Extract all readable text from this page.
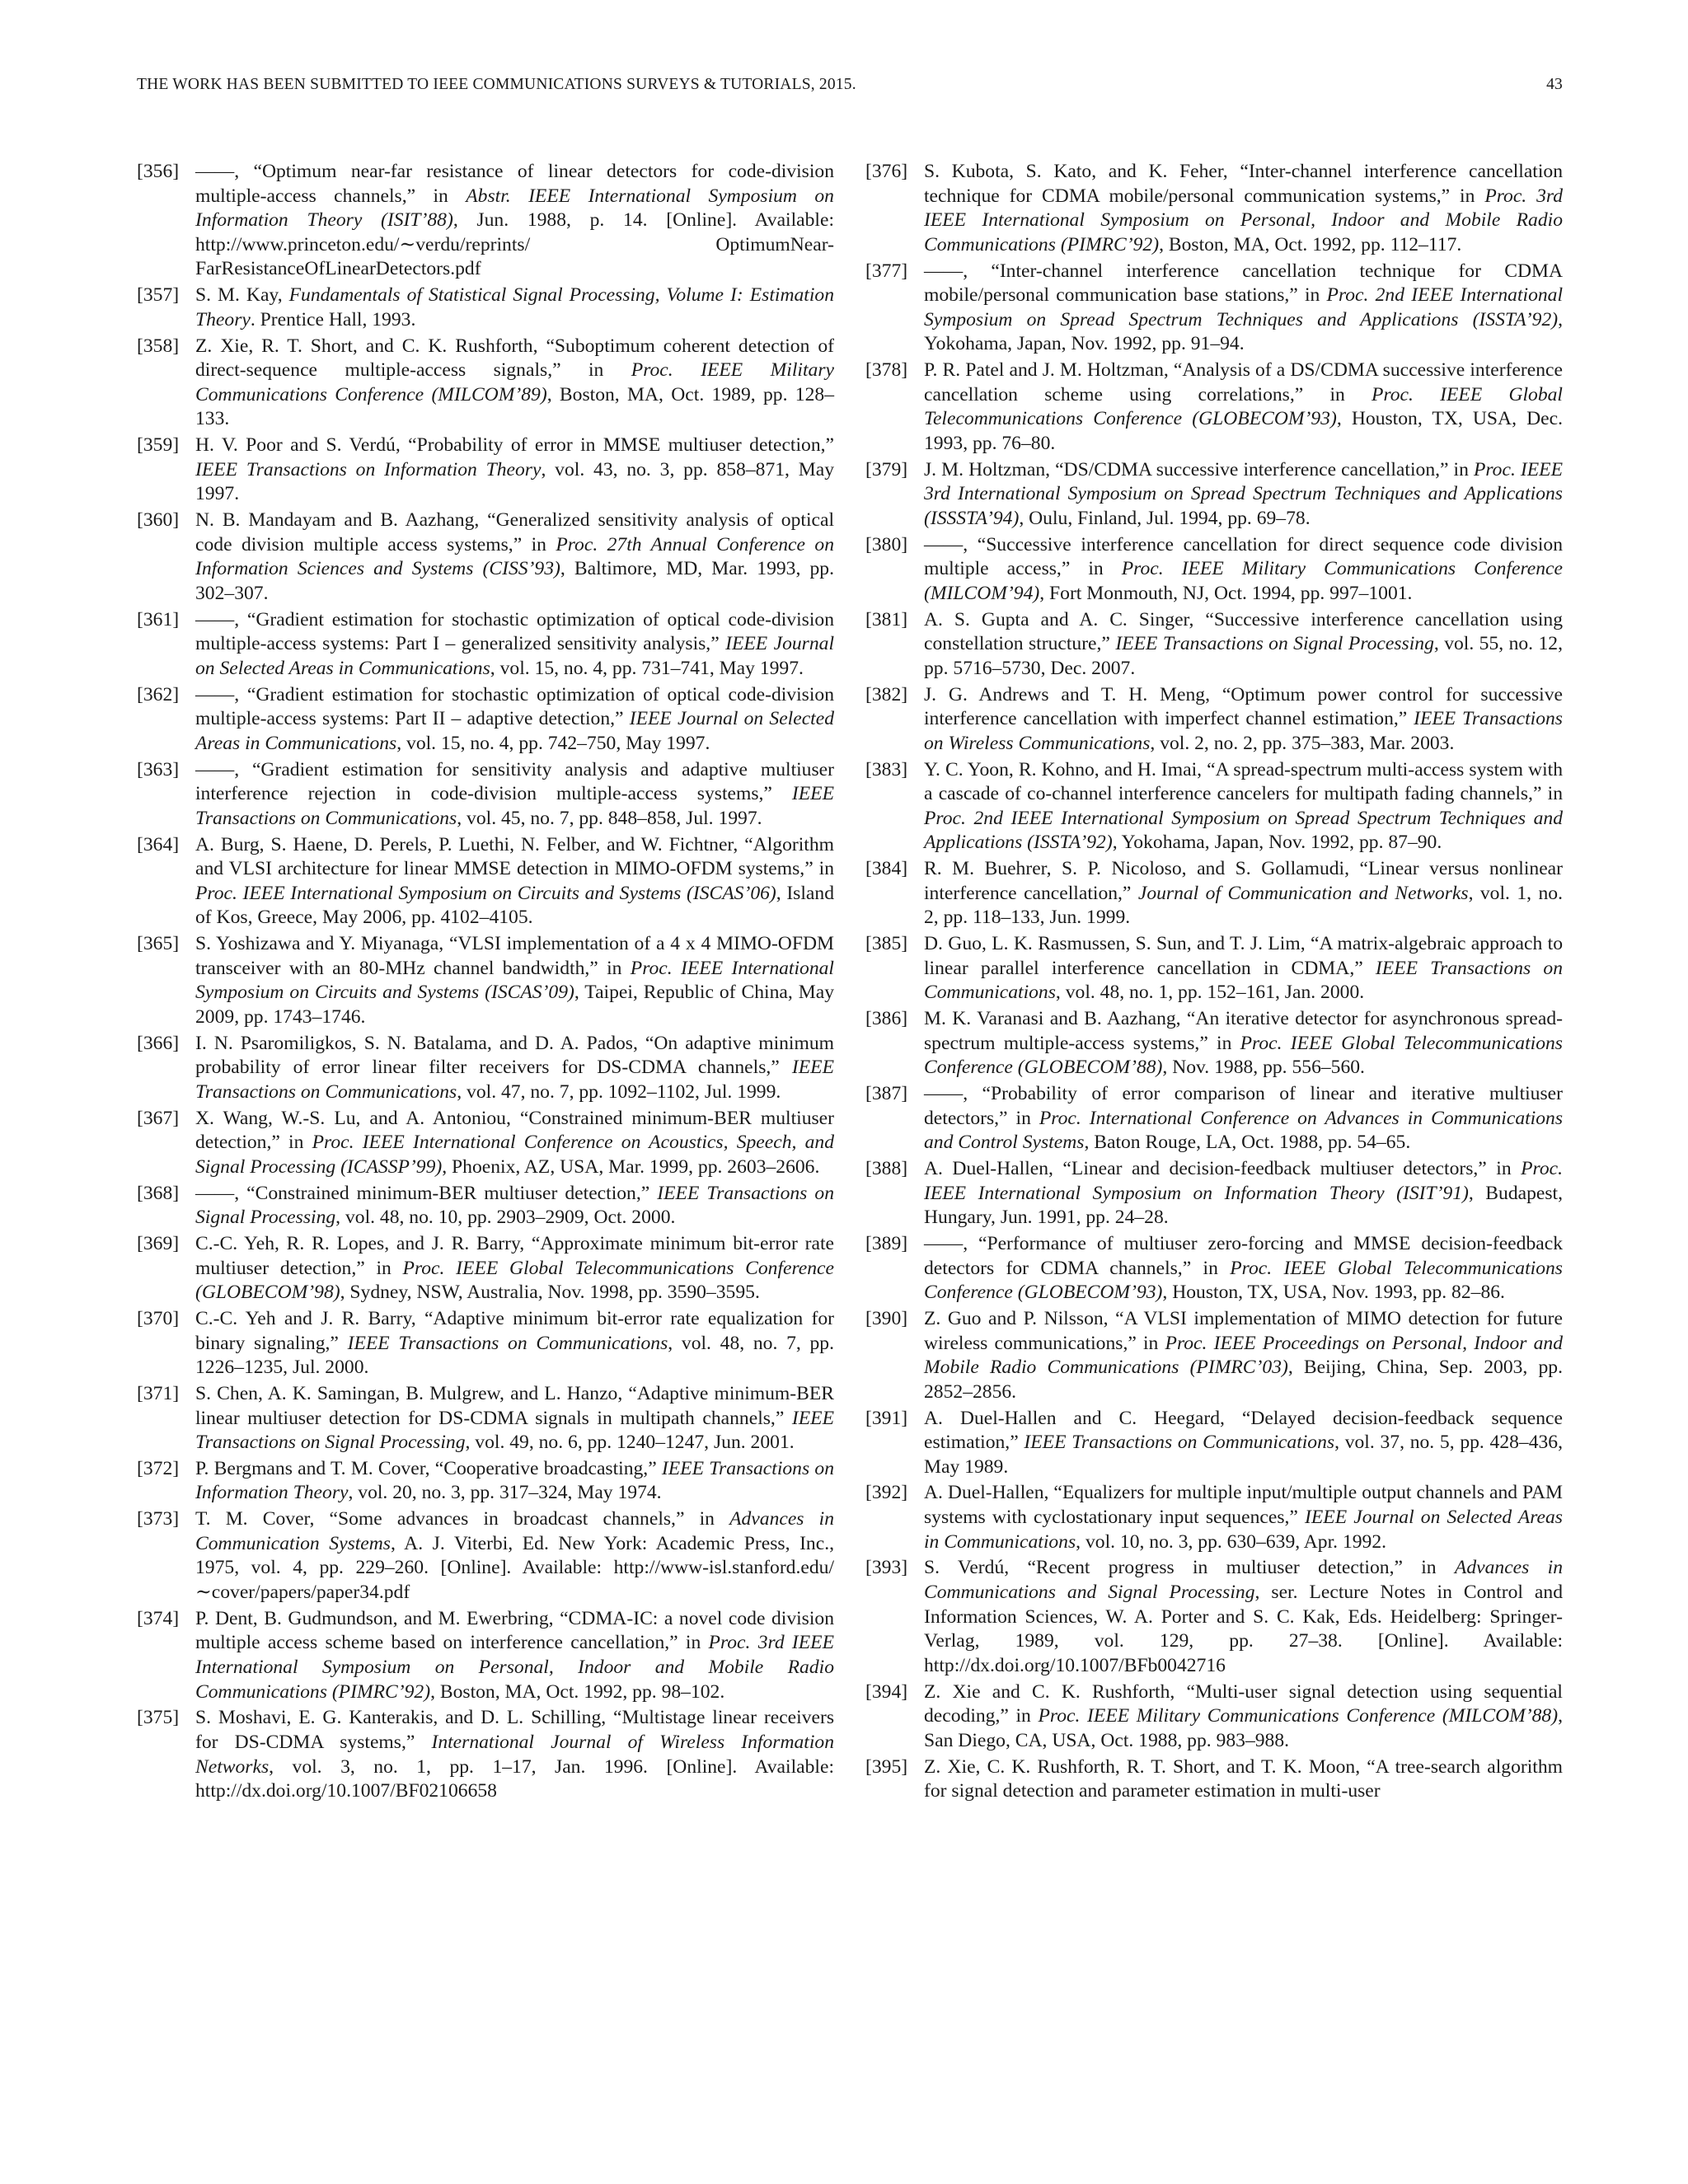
THE WORK HAS BEEN SUBMITTED TO IEEE COMMUNICATIONS SURVEYS & TUTORIALS, 2015.	43
[356] ——, “Optimum near-far resistance of linear detectors for code-division multiple-access channels,” in Abstr. IEEE International Symposium on Information Theory (ISIT’88), Jun. 1988, p. 14. [Online]. Available: http://www.princeton.edu/∼verdu/reprints/ OptimumNear-FarResistanceOfLinearDetectors.pdf
[357] S. M. Kay, Fundamentals of Statistical Signal Processing, Volume I: Estimation Theory. Prentice Hall, 1993.
[358] Z. Xie, R. T. Short, and C. K. Rushforth, “Suboptimum coherent detection of direct-sequence multiple-access signals,” in Proc. IEEE Military Communications Conference (MILCOM’89), Boston, MA, Oct. 1989, pp. 128–133.
[359] H. V. Poor and S. Verdú, “Probability of error in MMSE multiuser detection,” IEEE Transactions on Information Theory, vol. 43, no. 3, pp. 858–871, May 1997.
[360] N. B. Mandayam and B. Aazhang, “Generalized sensitivity analysis of optical code division multiple access systems,” in Proc. 27th Annual Conference on Information Sciences and Systems (CISS’93), Baltimore, MD, Mar. 1993, pp. 302–307.
[361] ——, “Gradient estimation for stochastic optimization of optical code-division multiple-access systems: Part I – generalized sensitivity analysis,” IEEE Journal on Selected Areas in Communications, vol. 15, no. 4, pp. 731–741, May 1997.
[362] ——, “Gradient estimation for stochastic optimization of optical code-division multiple-access systems: Part II – adaptive detection,” IEEE Journal on Selected Areas in Communications, vol. 15, no. 4, pp. 742–750, May 1997.
[363] ——, “Gradient estimation for sensitivity analysis and adaptive multiuser interference rejection in code-division multiple-access systems,” IEEE Transactions on Communications, vol. 45, no. 7, pp. 848–858, Jul. 1997.
[364] A. Burg, S. Haene, D. Perels, P. Luethi, N. Felber, and W. Fichtner, “Algorithm and VLSI architecture for linear MMSE detection in MIMO-OFDM systems,” in Proc. IEEE International Symposium on Circuits and Systems (ISCAS’06), Island of Kos, Greece, May 2006, pp. 4102–4105.
[365] S. Yoshizawa and Y. Miyanaga, “VLSI implementation of a 4 x 4 MIMO-OFDM transceiver with an 80-MHz channel bandwidth,” in Proc. IEEE International Symposium on Circuits and Systems (ISCAS’09), Taipei, Republic of China, May 2009, pp. 1743–1746.
[366] I. N. Psaromiligkos, S. N. Batalama, and D. A. Pados, “On adaptive minimum probability of error linear filter receivers for DS-CDMA channels,” IEEE Transactions on Communications, vol. 47, no. 7, pp. 1092–1102, Jul. 1999.
[367] X. Wang, W.-S. Lu, and A. Antoniou, “Constrained minimum-BER multiuser detection,” in Proc. IEEE International Conference on Acoustics, Speech, and Signal Processing (ICASSP’99), Phoenix, AZ, USA, Mar. 1999, pp. 2603–2606.
[368] ——, “Constrained minimum-BER multiuser detection,” IEEE Transactions on Signal Processing, vol. 48, no. 10, pp. 2903–2909, Oct. 2000.
[369] C.-C. Yeh, R. R. Lopes, and J. R. Barry, “Approximate minimum bit-error rate multiuser detection,” in Proc. IEEE Global Telecommunications Conference (GLOBECOM’98), Sydney, NSW, Australia, Nov. 1998, pp. 3590–3595.
[370] C.-C. Yeh and J. R. Barry, “Adaptive minimum bit-error rate equalization for binary signaling,” IEEE Transactions on Communications, vol. 48, no. 7, pp. 1226–1235, Jul. 2000.
[371] S. Chen, A. K. Samingan, B. Mulgrew, and L. Hanzo, “Adaptive minimum-BER linear multiuser detection for DS-CDMA signals in multipath channels,” IEEE Transactions on Signal Processing, vol. 49, no. 6, pp. 1240–1247, Jun. 2001.
[372] P. Bergmans and T. M. Cover, “Cooperative broadcasting,” IEEE Transactions on Information Theory, vol. 20, no. 3, pp. 317–324, May 1974.
[373] T. M. Cover, “Some advances in broadcast channels,” in Advances in Communication Systems, A. J. Viterbi, Ed. New York: Academic Press, Inc., 1975, vol. 4, pp. 229–260. [Online]. Available: http://www-isl.stanford.edu/∼cover/papers/paper34.pdf
[374] P. Dent, B. Gudmundson, and M. Ewerbring, “CDMA-IC: a novel code division multiple access scheme based on interference cancellation,” in Proc. 3rd IEEE International Symposium on Personal, Indoor and Mobile Radio Communications (PIMRC’92), Boston, MA, Oct. 1992, pp. 98–102.
[375] S. Moshavi, E. G. Kanterakis, and D. L. Schilling, “Multistage linear receivers for DS-CDMA systems,” International Journal of Wireless Information Networks, vol. 3, no. 1, pp. 1–17, Jan. 1996. [Online]. Available: http://dx.doi.org/10.1007/BF02106658
[376] S. Kubota, S. Kato, and K. Feher, “Inter-channel interference cancellation technique for CDMA mobile/personal communication systems,” in Proc. 3rd IEEE International Symposium on Personal, Indoor and Mobile Radio Communications (PIMRC’92), Boston, MA, Oct. 1992, pp. 112–117.
[377] ——, “Inter-channel interference cancellation technique for CDMA mobile/personal communication base stations,” in Proc. 2nd IEEE International Symposium on Spread Spectrum Techniques and Applications (ISSTA’92), Yokohama, Japan, Nov. 1992, pp. 91–94.
[378] P. R. Patel and J. M. Holtzman, “Analysis of a DS/CDMA successive interference cancellation scheme using correlations,” in Proc. IEEE Global Telecommunications Conference (GLOBECOM’93), Houston, TX, USA, Dec. 1993, pp. 76–80.
[379] J. M. Holtzman, “DS/CDMA successive interference cancellation,” in Proc. IEEE 3rd International Symposium on Spread Spectrum Techniques and Applications (ISSSTA’94), Oulu, Finland, Jul. 1994, pp. 69–78.
[380] ——, “Successive interference cancellation for direct sequence code division multiple access,” in Proc. IEEE Military Communications Conference (MILCOM’94), Fort Monmouth, NJ, Oct. 1994, pp. 997–1001.
[381] A. S. Gupta and A. C. Singer, “Successive interference cancellation using constellation structure,” IEEE Transactions on Signal Processing, vol. 55, no. 12, pp. 5716–5730, Dec. 2007.
[382] J. G. Andrews and T. H. Meng, “Optimum power control for successive interference cancellation with imperfect channel estimation,” IEEE Transactions on Wireless Communications, vol. 2, no. 2, pp. 375–383, Mar. 2003.
[383] Y. C. Yoon, R. Kohno, and H. Imai, “A spread-spectrum multi-access system with a cascade of co-channel interference cancelers for multipath fading channels,” in Proc. 2nd IEEE International Symposium on Spread Spectrum Techniques and Applications (ISSTA’92), Yokohama, Japan, Nov. 1992, pp. 87–90.
[384] R. M. Buehrer, S. P. Nicoloso, and S. Gollamudi, “Linear versus nonlinear interference cancellation,” Journal of Communication and Networks, vol. 1, no. 2, pp. 118–133, Jun. 1999.
[385] D. Guo, L. K. Rasmussen, S. Sun, and T. J. Lim, “A matrix-algebraic approach to linear parallel interference cancellation in CDMA,” IEEE Transactions on Communications, vol. 48, no. 1, pp. 152–161, Jan. 2000.
[386] M. K. Varanasi and B. Aazhang, “An iterative detector for asynchronous spread-spectrum multiple-access systems,” in Proc. IEEE Global Telecommunications Conference (GLOBECOM’88), Nov. 1988, pp. 556–560.
[387] ——, “Probability of error comparison of linear and iterative multiuser detectors,” in Proc. International Conference on Advances in Communications and Control Systems, Baton Rouge, LA, Oct. 1988, pp. 54–65.
[388] A. Duel-Hallen, “Linear and decision-feedback multiuser detectors,” in Proc. IEEE International Symposium on Information Theory (ISIT’91), Budapest, Hungary, Jun. 1991, pp. 24–28.
[389] ——, “Performance of multiuser zero-forcing and MMSE decision-feedback detectors for CDMA channels,” in Proc. IEEE Global Telecommunications Conference (GLOBECOM’93), Houston, TX, USA, Nov. 1993, pp. 82–86.
[390] Z. Guo and P. Nilsson, “A VLSI implementation of MIMO detection for future wireless communications,” in Proc. IEEE Proceedings on Personal, Indoor and Mobile Radio Communications (PIMRC’03), Beijing, China, Sep. 2003, pp. 2852–2856.
[391] A. Duel-Hallen and C. Heegard, “Delayed decision-feedback sequence estimation,” IEEE Transactions on Communications, vol. 37, no. 5, pp. 428–436, May 1989.
[392] A. Duel-Hallen, “Equalizers for multiple input/multiple output channels and PAM systems with cyclostationary input sequences,” IEEE Journal on Selected Areas in Communications, vol. 10, no. 3, pp. 630–639, Apr. 1992.
[393] S. Verdú, “Recent progress in multiuser detection,” in Advances in Communications and Signal Processing, ser. Lecture Notes in Control and Information Sciences, W. A. Porter and S. C. Kak, Eds. Heidelberg: Springer-Verlag, 1989, vol. 129, pp. 27–38. [Online]. Available: http://dx.doi.org/10.1007/BFb0042716
[394] Z. Xie and C. K. Rushforth, “Multi-user signal detection using sequential decoding,” in Proc. IEEE Military Communications Conference (MILCOM’88), San Diego, CA, USA, Oct. 1988, pp. 983–988.
[395] Z. Xie, C. K. Rushforth, R. T. Short, and T. K. Moon, “A tree-search algorithm for signal detection and parameter estimation in multi-user
